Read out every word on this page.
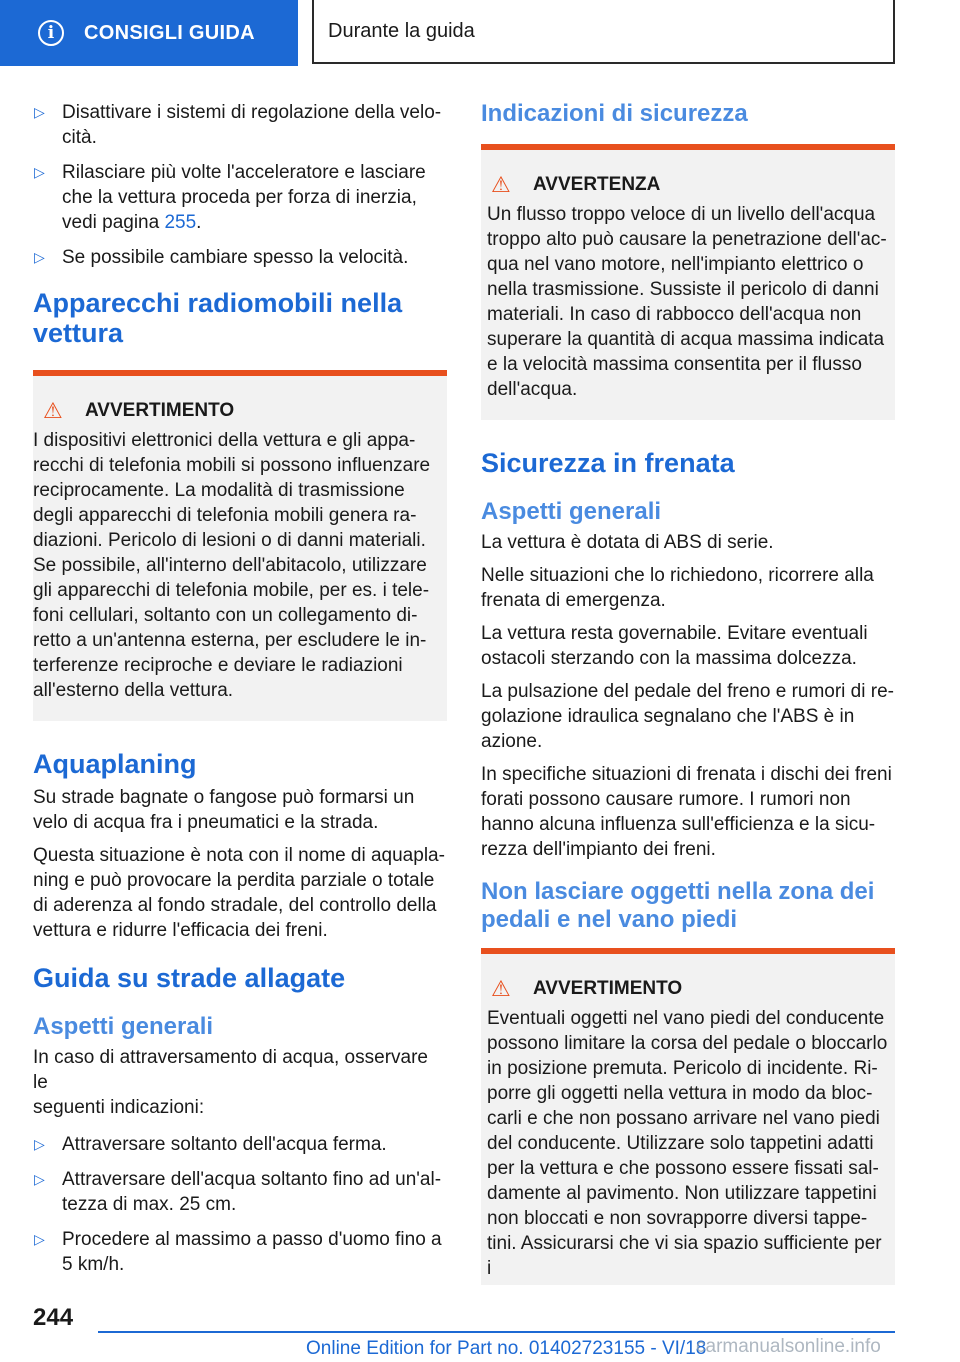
i	CONSIGLI GUIDA	Durante la guida
▷ Disattivare i sistemi di regolazione della velo-
cità.
▷ Rilasciare più volte l'acceleratore e lasciare
che la vettura proceda per forza di inerzia,
vedi pagina 255.
▷ Se possibile cambiare spesso la velocità.
Apparecchi radiomobili nella
vettura
⚠	AVVERTIMENTO
I dispositivi elettronici della vettura e gli appa-
recchi di telefonia mobili si possono influenzare
reciprocamente. La modalità di trasmissione
degli apparecchi di telefonia mobili genera ra-
diazioni. Pericolo di lesioni o di danni materiali.
Se possibile, all'interno dell'abitacolo, utilizzare
gli apparecchi di telefonia mobile, per es. i tele-
foni cellulari, soltanto con un collegamento di-
retto a un'antenna esterna, per escludere le in-
terferenze reciproche e deviare le radiazioni
all'esterno della vettura.
Aquaplaning

Su strade bagnate o fangose può formarsi un
velo di acqua fra i pneumatici e la strada.

Questa situazione è nota con il nome di aquapla-
ning e può provocare la perdita parziale o totale
di aderenza al fondo stradale, del controllo della
vettura e ridurre l'efficacia dei freni.

Guida su strade allagate
Aspetti generali

In caso di attraversamento di acqua, osservare le
seguenti indicazioni:

▷ Attraversare soltanto dell'acqua ferma.
▷ Attraversare dell'acqua soltanto fino ad un'al-
tezza di max. 25 cm.
▷ Procedere al massimo a passo d'uomo fino a
5 km/h.
Indicazioni di sicurezza
⚠	AVVERTENZA
Un flusso troppo veloce di un livello dell'acqua
troppo alto può causare la penetrazione dell'ac-
qua nel vano motore, nell'impianto elettrico o
nella trasmissione. Sussiste il pericolo di danni
materiali. In caso di rabbocco dell'acqua non
superare la quantità di acqua massima indicata
e la velocità massima consentita per il flusso
dell'acqua.
Sicurezza in frenata
Aspetti generali

La vettura è dotata di ABS di serie.

Nelle situazioni che lo richiedono, ricorrere alla
frenata di emergenza.

La vettura resta governabile. Evitare eventuali
ostacoli sterzando con la massima dolcezza.

La pulsazione del pedale del freno e rumori di re-
golazione idraulica segnalano che l'ABS è in
azione.

In specifiche situazioni di frenata i dischi dei freni
forati possono causare rumore. I rumori non
hanno alcuna influenza sull'efficienza e la sicu-
rezza dell'impianto dei freni.

Non lasciare oggetti nella zona dei
pedali e nel vano piedi
⚠	AVVERTIMENTO
Eventuali oggetti nel vano piedi del conducente
possono limitare la corsa del pedale o bloccarlo
in posizione premuta. Pericolo di incidente. Ri-
porre gli oggetti nella vettura in modo da bloc-
carli e che non possano arrivare nel vano piedi
del conducente. Utilizzare solo tappetini adatti
per la vettura e che possono essere fissati sal-
damente al pavimento. Non utilizzare tappetini
non bloccati e non sovrapporre diversi tappe-
tini. Assicurarsi che vi sia spazio sufficiente per i
244
Online Edition for Part no. 01402723155 - VI/18
carmanualsonline.info
